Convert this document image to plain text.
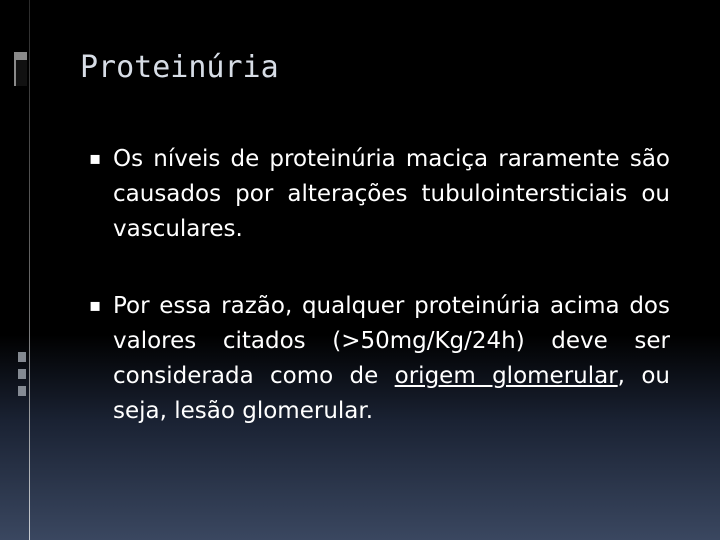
Proteinúria
▪ Os níveis de proteinúria maciça raramente são causados por alterações tubulointersticiais ou vasculares.
▪ Por essa razão, qualquer proteinúria acima dos valores citados (>50mg/Kg/24h) deve ser considerada como de origem glomerular, ou seja, lesão glomerular.
